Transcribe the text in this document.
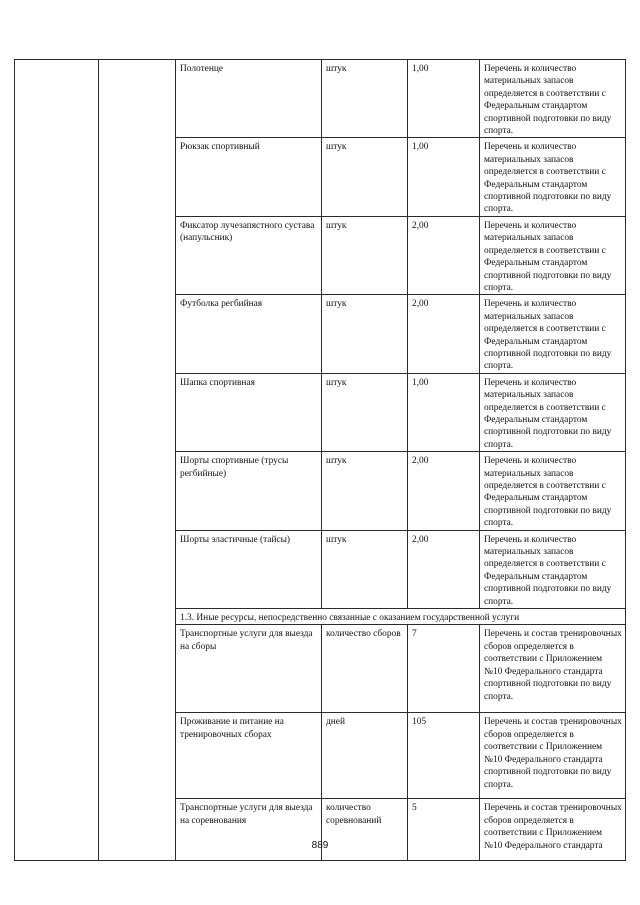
		Полотенце	штук	1,00	Перечень и количество материальных запасов определяется в соответствии с Федеральным стандартом спортивной подготовки по виду спорта.
		Рюкзак спортивный	штук	1,00	Перечень и количество материальных запасов определяется в соответствии с Федеральным стандартом спортивной подготовки по виду спорта.
		Фиксатор лучезапястного сустава (напульсник)	штук	2,00	Перечень и количество материальных запасов определяется в соответствии с Федеральным стандартом спортивной подготовки по виду спорта.
		Футболка регбийная	штук	2,00	Перечень и количество материальных запасов определяется в соответствии с Федеральным стандартом спортивной подготовки по виду спорта.
		Шапка спортивная	штук	1,00	Перечень и количество материальных запасов определяется в соответствии с Федеральным стандартом спортивной подготовки по виду спорта.
		Шорты спортивные (трусы регбийные)	штук	2,00	Перечень и количество материальных запасов определяется в соответствии с Федеральным стандартом спортивной подготовки по виду спорта.
		Шорты эластичные (тайсы)	штук	2,00	Перечень и количество материальных запасов определяется в соответствии с Федеральным стандартом спортивной подготовки по виду спорта.
		1.3. Иные ресурсы, непосредственно связанные с оказанием государственной услуги			
		Транспортные услуги для выезда на сборы	количество сборов	7	Перечень и состав тренировочных сборов определяется в соответствии с Приложением №10 Федерального стандарта спортивной подготовки по виду спорта.
		Проживание и питание на тренировочных сборах	дней	105	Перечень и состав тренировочных сборов определяется в соответствии с Приложением №10 Федерального стандарта спортивной подготовки по виду спорта.
		Транспортные услуги для выезда на соревнования	количество соревнований	5	Перечень и состав тренировочных сборов определяется в соответствии с Приложением №10 Федерального стандарта
889
